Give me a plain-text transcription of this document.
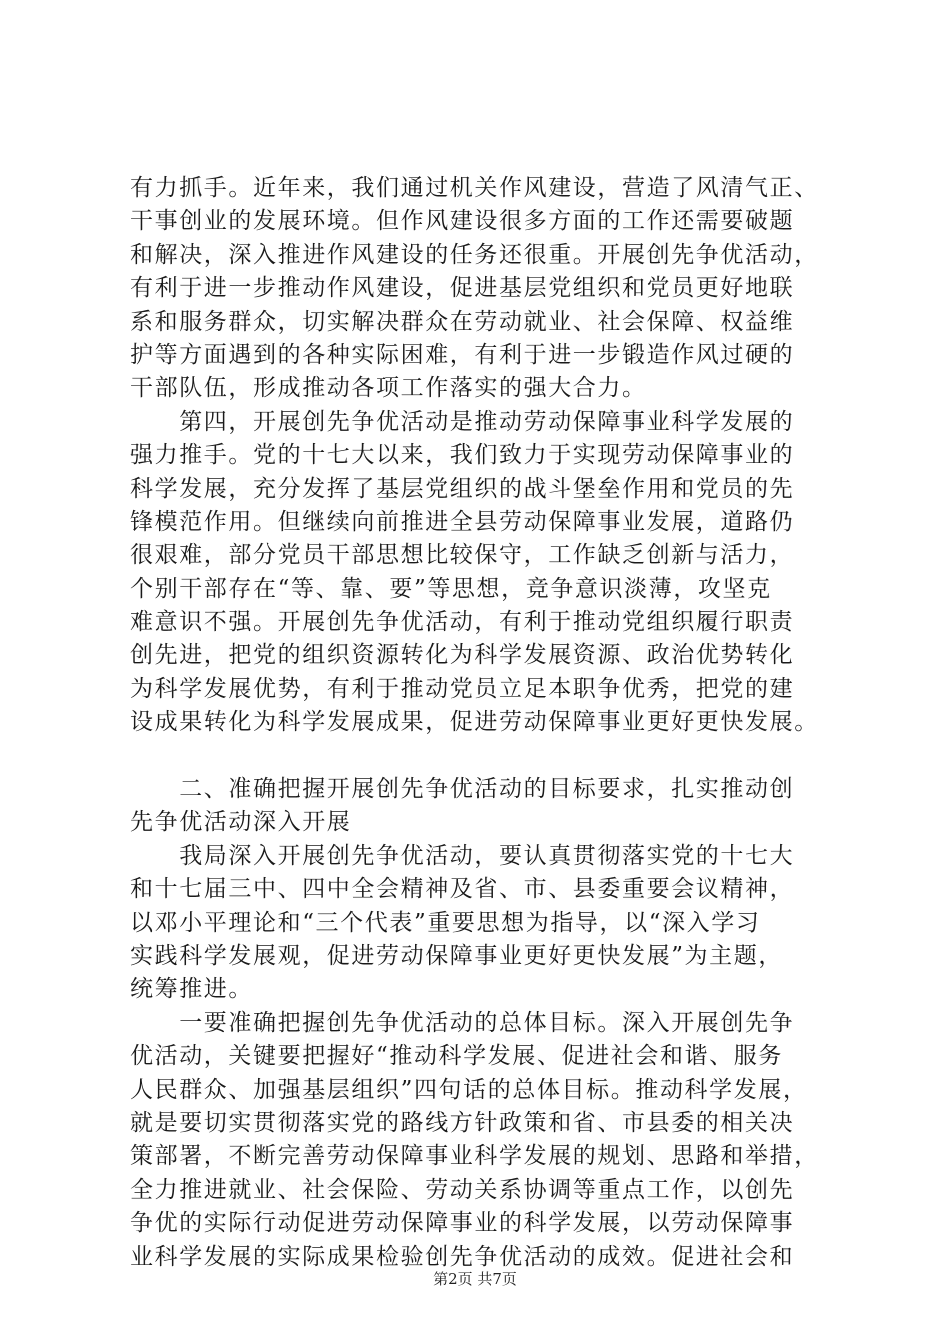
有力抓手。近年来，我们通过机关作风建设，营造了风清气正、
干事创业的发展环境。但作风建设很多方面的工作还需要破题
和解决，深入推进作风建设的任务还很重。开展创先争优活动，
有利于进一步推动作风建设，促进基层党组织和党员更好地联
系和服务群众，切实解决群众在劳动就业、社会保障、权益维
护等方面遇到的各种实际困难，有利于进一步锻造作风过硬的
干部队伍，形成推动各项工作落实的强大合力。
　　第四，开展创先争优活动是推动劳动保障事业科学发展的
强力推手。党的十七大以来，我们致力于实现劳动保障事业的
科学发展，充分发挥了基层党组织的战斗堡垒作用和党员的先
锋模范作用。但继续向前推进全县劳动保障事业发展，道路仍
很艰难，部分党员干部思想比较保守，工作缺乏创新与活力，
个别干部存在“等、靠、要”等思想，竞争意识淡薄，攻坚克
难意识不强。开展创先争优活动，有利于推动党组织履行职责
创先进，把党的组织资源转化为科学发展资源、政治优势转化
为科学发展优势，有利于推动党员立足本职争优秀，把党的建
设成果转化为科学发展成果，促进劳动保障事业更好更快发展。
　　二、准确把握开展创先争优活动的目标要求，扎实推动创
先争优活动深入开展
　　我局深入开展创先争优活动，要认真贯彻落实党的十七大
和十七届三中、四中全会精神及省、市、县委重要会议精神，
以邓小平理论和“三个代表”重要思想为指导，以“深入学习
实践科学发展观，促进劳动保障事业更好更快发展”为主题，
统筹推进。
　　一要准确把握创先争优活动的总体目标。深入开展创先争
优活动，关键要把握好“推动科学发展、促进社会和谐、服务
人民群众、加强基层组织”四句话的总体目标。推动科学发展，
就是要切实贯彻落实党的路线方针政策和省、市县委的相关决
策部署，不断完善劳动保障事业科学发展的规划、思路和举措，
全力推进就业、社会保险、劳动关系协调等重点工作，以创先
争优的实际行动促进劳动保障事业的科学发展，以劳动保障事
业科学发展的实际成果检验创先争优活动的成效。促进社会和
第2页 共7页
